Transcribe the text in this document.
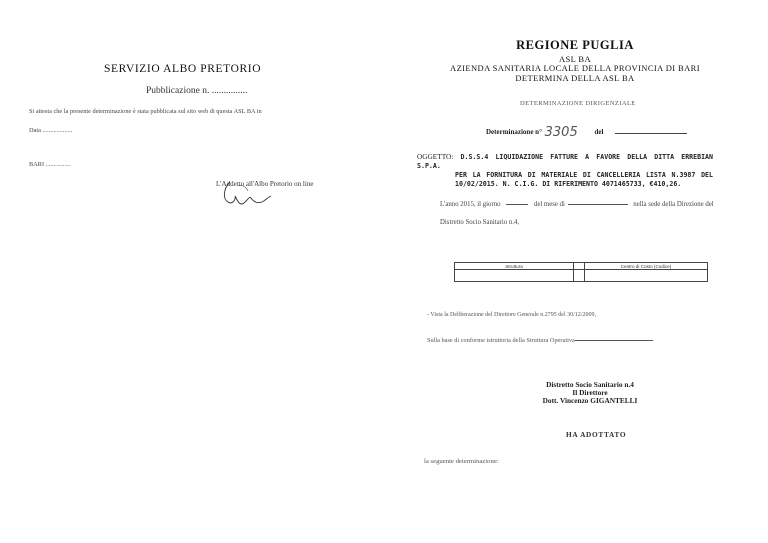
SERVIZIO ALBO PRETORIO
Pubblicazione n. ...............
Si attesta che la presente determinazione è stata pubblicata sul sito web di questa ASL BA in
Data ...................
BARI ................
L'Addetto all'Albo Pretorio on line
REGIONE PUGLIA
ASL BA
AZIENDA SANITARIA LOCALE DELLA PROVINCIA DI BARI
DETERMINA DELLA ASL BA
DETERMINAZIONE DIRIGENZIALE
Determinazione n° 3305 del
OGGETTO: D.S.S.4 LIQUIDAZIONE FATTURE A FAVORE DELLA DITTA ERREBIAN S.P.A.
PER LA FORNITURA DI MATERIALE DI CANCELLERIA LISTA N.3987 DEL
10/02/2015. N. C.I.G. DI RIFERIMENTO 4071465733, €410,26.
L'anno 2015, il giorno	del mese di	nella sede della Direzione del
Distretto Socio Sanitario n.4,
Struttura		Centro di Costo (Codice)

- Vista la Deliberazione del Direttore Generale n.2795 del 30/12/2009,
Sulla base di conforme istruttoria della Struttura Operativa
Distretto Socio Sanitario n.4
Il Direttore
Dott. Vincenzo GIGANTELLI
HA ADOTTATO
la seguente determinazione:
